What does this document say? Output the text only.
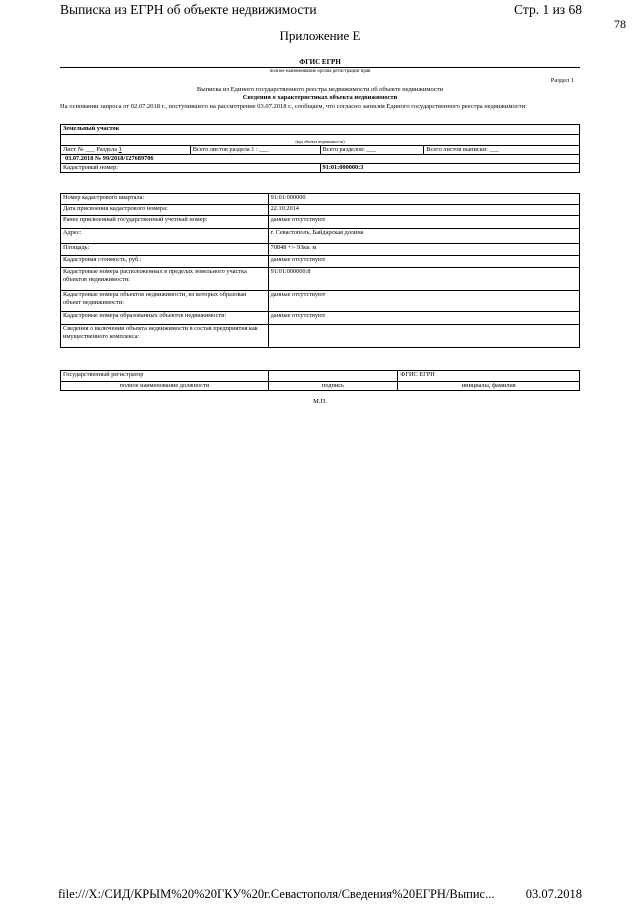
Выписка из ЕГРН об объекте недвижимости	Стр. 1 из 68
78
Приложение Е
ФГИС ЕГРН
полное наименование органа регистрации прав
Раздел 1
Выписка из Единого государственного реестра недвижимости об объекте недвижимости
Сведения о характеристиках объекта недвижимости
На основании запроса от 02.07.2018 г., поступившего на рассмотрение 03.07.2018 г., сообщаем, что согласно записям Единого государственного реестра недвижимости:
Земельный участок			
(вид объекта недвижимости)			
Лист № ___ Раздела 1	Всего листов раздела 1 : ___	Всего разделов: ___	Всего листов выписки: ___
03.07.2018 № 99/2018/127689706			
Кадастровый номер:		91:01:000000:3	
Номер кадастрового квартала:	91:01:000000
Дата присвоения кадастрового номера:	22.10.2014
Ранее присвоенный государственный учетный номер:	данные отсутствуют
Адрес:	г. Севастополь, Байдарская долина
Площадь:	70848 +/- 93кв. м
Кадастровая стоимость, руб.:	данные отсутствуют
Кадастровые номера расположенных в пределах земельного участка объектов недвижимости:	91:01:000000:8
Кадастровые номера объектов недвижимости, из которых образован объект недвижимости:	данные отсутствуют
Кадастровые номера образованных объектов недвижимости:	данные отсутствуют
Сведения о включении объекта недвижимости в состав предприятия как имущественного комплекса:	
Государственный регистратор		ФГИС ЕГРН
полное наименование должности	подпись	инициалы, фамилия
М.П.
file:///X:/СИД/КРЫМ%20%20ГКУ%20г.Севастополя/Сведения%20ЕГРН/Выпис...	03.07.2018
